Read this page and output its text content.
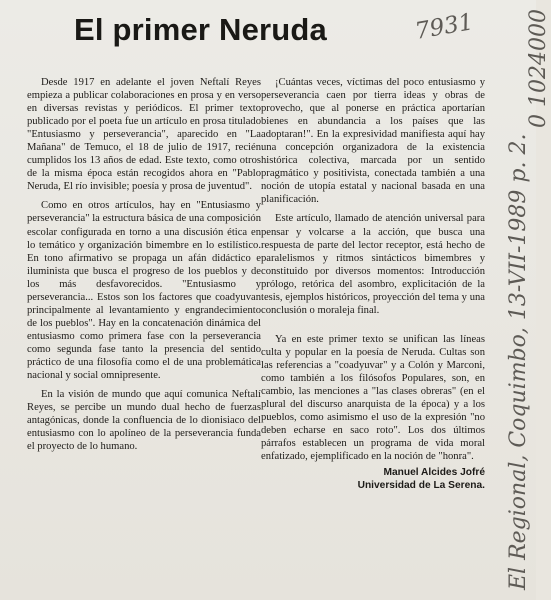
El primer Neruda	7931 0 1024000
El Regional, Coquimbo, 13-VII-1989 p. 2.

Desde 1917 en adelante el joven Neftalí Reyes empieza a publicar colaboraciones en prosa y en verso en diversas revistas y periódicos. El primer texto publicado por el poeta fue un artículo en prosa titulado "Entusiasmo y perseverancia", aparecido en "La Mañana" de Temuco, el 18 de julio de 1917, recién cumplidos los 13 años de edad. Este texto, como otros de la misma época están recogidos ahora en "Pablo Neruda, El río invisible; poesía y prosa de juventud".

Como en otros artículos, hay en "Entusiasmo y perseverancia" la estructura básica de una composición escolar configurada en torno a una discusión ética en lo temático y organización bimembre en lo estilístico. En tono afirmativo se propaga un afán didáctico e iluminista que busca el progreso de los pueblos y de los más desfavorecidos. "Entusiasmo y perseverancia... Estos son los factores que coadyuvan principalmente al levantamiento y engrandecimiento de los pueblos". Hay en la concatenación dinámica del entusiasmo como primera fase con la perseverancia como segunda fase tanto la presencia del sentido práctico de una filosofía como el de una problemática nacional y social omnipresente.

En la visión de mundo que aquí comunica Neftalí Reyes, se percibe un mundo dual hecho de fuerzas antagónicas, donde la confluencia de lo dionisiaco del entusiasmo con lo apolíneo de la perseverancia funda el proyecto de lo humano.

¡Cuántas veces, víctimas del poco entusiasmo y perseverancia caen por tierra ideas y obras de provecho, que al ponerse en práctica aportarían bienes en abundancia a los países que las adoptaran!". En la expresividad manifiesta aquí hay una concepción organizadora de la existencia histórica colectiva, marcada por un sentido pragmático y positivista, conectada también a una noción de utopía estatal y nacional basada en una planificación.

Este artículo, llamado de atención universal para pensar y volcarse a la acción, que busca una respuesta de parte del lector receptor, está hecho de paralelismos y ritmos sintácticos bimembres y constituido por diversos momentos: Introducción prólogo, retórica del asombro, explicitación de la tesis, ejemplos históricos, proyección del tema y una conclusión o moraleja final.

Ya en este primer texto se unifican las líneas culta y popular en la poesía de Neruda. Cultas son las referencias a "coadyuvar" y a Colón y Marconi, como también a los filósofos Populares, son, en cambio, las menciones a "las clases obreras" (en el plural del discurso anarquista de la época) y a los pueblos, como asimismo el uso de la expresión "no deben echarse en saco roto". Los dos últimos párrafos establecen un programa de vida moral enfatizado, ejemplificado en la noción de "honra".

Manuel Alcides Jofré
Universidad de La Serena.
